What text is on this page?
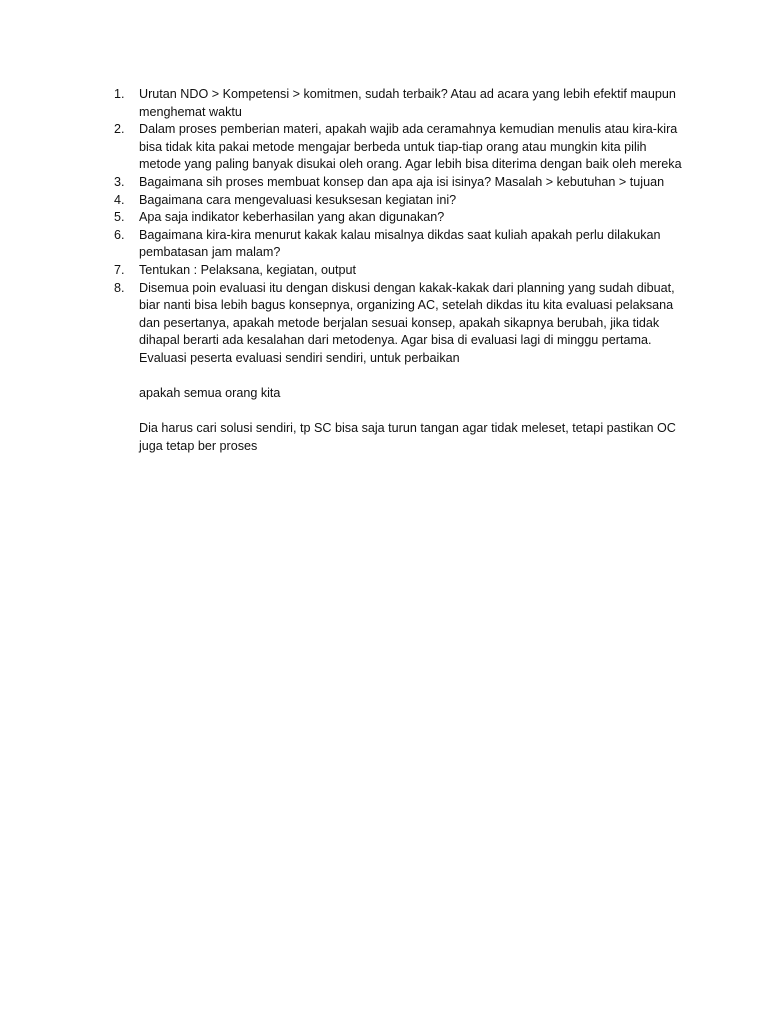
1.	Urutan NDO > Kompetensi > komitmen, sudah terbaik? Atau ad acara yang lebih efektif maupun menghemat waktu

2.	Dalam proses pemberian materi, apakah wajib ada ceramahnya kemudian menulis atau kira-kira bisa tidak kita pakai metode mengajar berbeda untuk tiap-tiap orang atau mungkin kita pilih metode yang paling banyak disukai oleh orang. Agar lebih bisa diterima dengan baik oleh mereka

3.	Bagaimana sih proses membuat konsep dan apa aja isi isinya? Masalah > kebutuhan > tujuan

4.	Bagaimana cara mengevaluasi kesuksesan kegiatan ini?

5.	Apa saja indikator keberhasilan yang akan digunakan?

6.	Bagaimana kira-kira menurut kakak kalau misalnya dikdas saat kuliah apakah perlu dilakukan pembatasan jam malam?

7.	Tentukan : Pelaksana, kegiatan, output

8.	Disemua poin evaluasi itu dengan diskusi dengan kakak-kakak dari planning yang sudah dibuat, biar nanti bisa lebih bagus konsepnya, organizing AC, setelah dikdas itu kita evaluasi pelaksana dan pesertanya, apakah metode berjalan sesuai konsep, apakah sikapnya berubah, jika tidak dihapal berarti ada kesalahan dari metodenya. Agar bisa di evaluasi lagi di minggu pertama.

Evaluasi peserta evaluasi sendiri sendiri, untuk perbaikan

apakah semua orang kita

Dia harus cari solusi sendiri, tp SC bisa saja turun tangan agar tidak meleset, tetapi pastikan OC juga tetap ber proses
